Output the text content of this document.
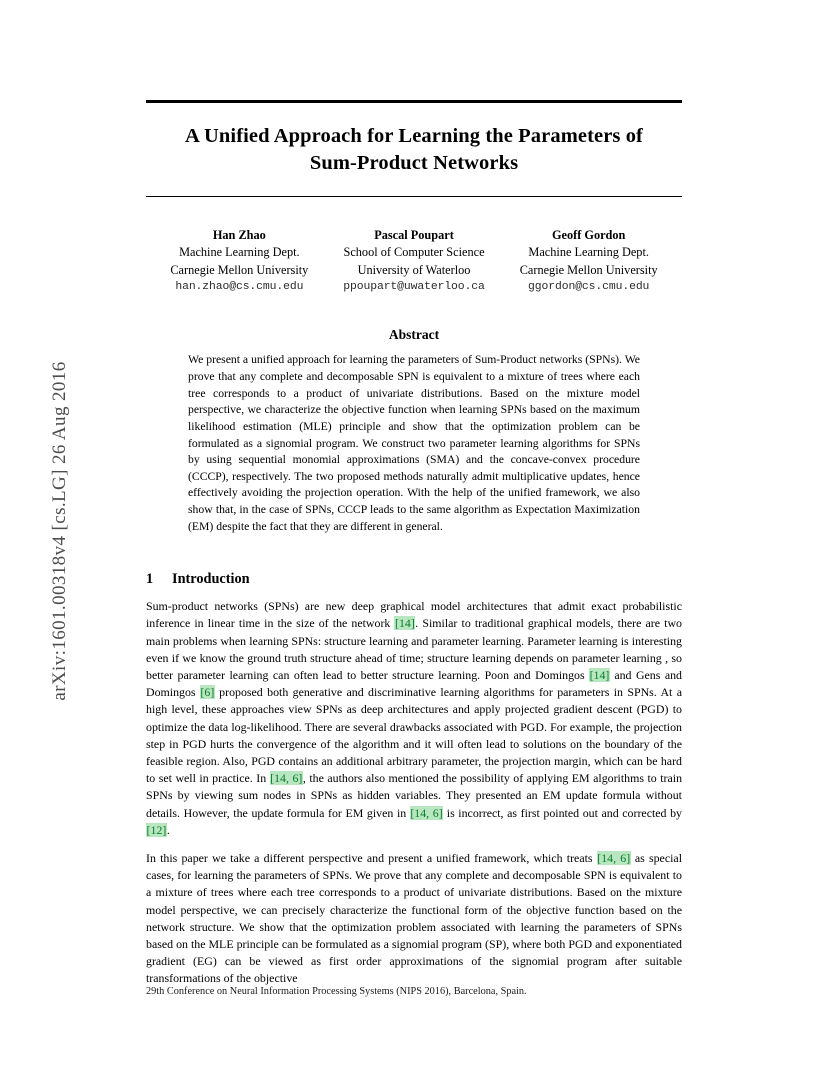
arXiv:1601.00318v4 [cs.LG] 26 Aug 2016
A Unified Approach for Learning the Parameters of
Sum-Product Networks
Han Zhao
Machine Learning Dept.
Carnegie Mellon University
han.zhao@cs.cmu.edu
Pascal Poupart
School of Computer Science
University of Waterloo
ppoupart@uwaterloo.ca
Geoff Gordon
Machine Learning Dept.
Carnegie Mellon University
ggordon@cs.cmu.edu
Abstract
We present a unified approach for learning the parameters of Sum-Product networks (SPNs). We prove that any complete and decomposable SPN is equivalent to a mixture of trees where each tree corresponds to a product of univariate distributions. Based on the mixture model perspective, we characterize the objective function when learning SPNs based on the maximum likelihood estimation (MLE) principle and show that the optimization problem can be formulated as a signomial program. We construct two parameter learning algorithms for SPNs by using sequential monomial approximations (SMA) and the concave-convex procedure (CCCP), respectively. The two proposed methods naturally admit multiplicative updates, hence effectively avoiding the projection operation. With the help of the unified framework, we also show that, in the case of SPNs, CCCP leads to the same algorithm as Expectation Maximization (EM) despite the fact that they are different in general.
1 Introduction

Sum-product networks (SPNs) are new deep graphical model architectures that admit exact probabilistic inference in linear time in the size of the network [14]. Similar to traditional graphical models, there are two main problems when learning SPNs: structure learning and parameter learning. Parameter learning is interesting even if we know the ground truth structure ahead of time; structure learning depends on parameter learning , so better parameter learning can often lead to better structure learning. Poon and Domingos [14] and Gens and Domingos [6] proposed both generative and discriminative learning algorithms for parameters in SPNs. At a high level, these approaches view SPNs as deep architectures and apply projected gradient descent (PGD) to optimize the data log-likelihood. There are several drawbacks associated with PGD. For example, the projection step in PGD hurts the convergence of the algorithm and it will often lead to solutions on the boundary of the feasible region. Also, PGD contains an additional arbitrary parameter, the projection margin, which can be hard to set well in practice. In [14, 6], the authors also mentioned the possibility of applying EM algorithms to train SPNs by viewing sum nodes in SPNs as hidden variables. They presented an EM update formula without details. However, the update formula for EM given in [14, 6] is incorrect, as first pointed out and corrected by [12].

In this paper we take a different perspective and present a unified framework, which treats [14, 6] as special cases, for learning the parameters of SPNs. We prove that any complete and decomposable SPN is equivalent to a mixture of trees where each tree corresponds to a product of univariate distributions. Based on the mixture model perspective, we can precisely characterize the functional form of the objective function based on the network structure. We show that the optimization problem associated with learning the parameters of SPNs based on the MLE principle can be formulated as a signomial program (SP), where both PGD and exponentiated gradient (EG) can be viewed as first order approximations of the signomial program after suitable transformations of the objective

29th Conference on Neural Information Processing Systems (NIPS 2016), Barcelona, Spain.
